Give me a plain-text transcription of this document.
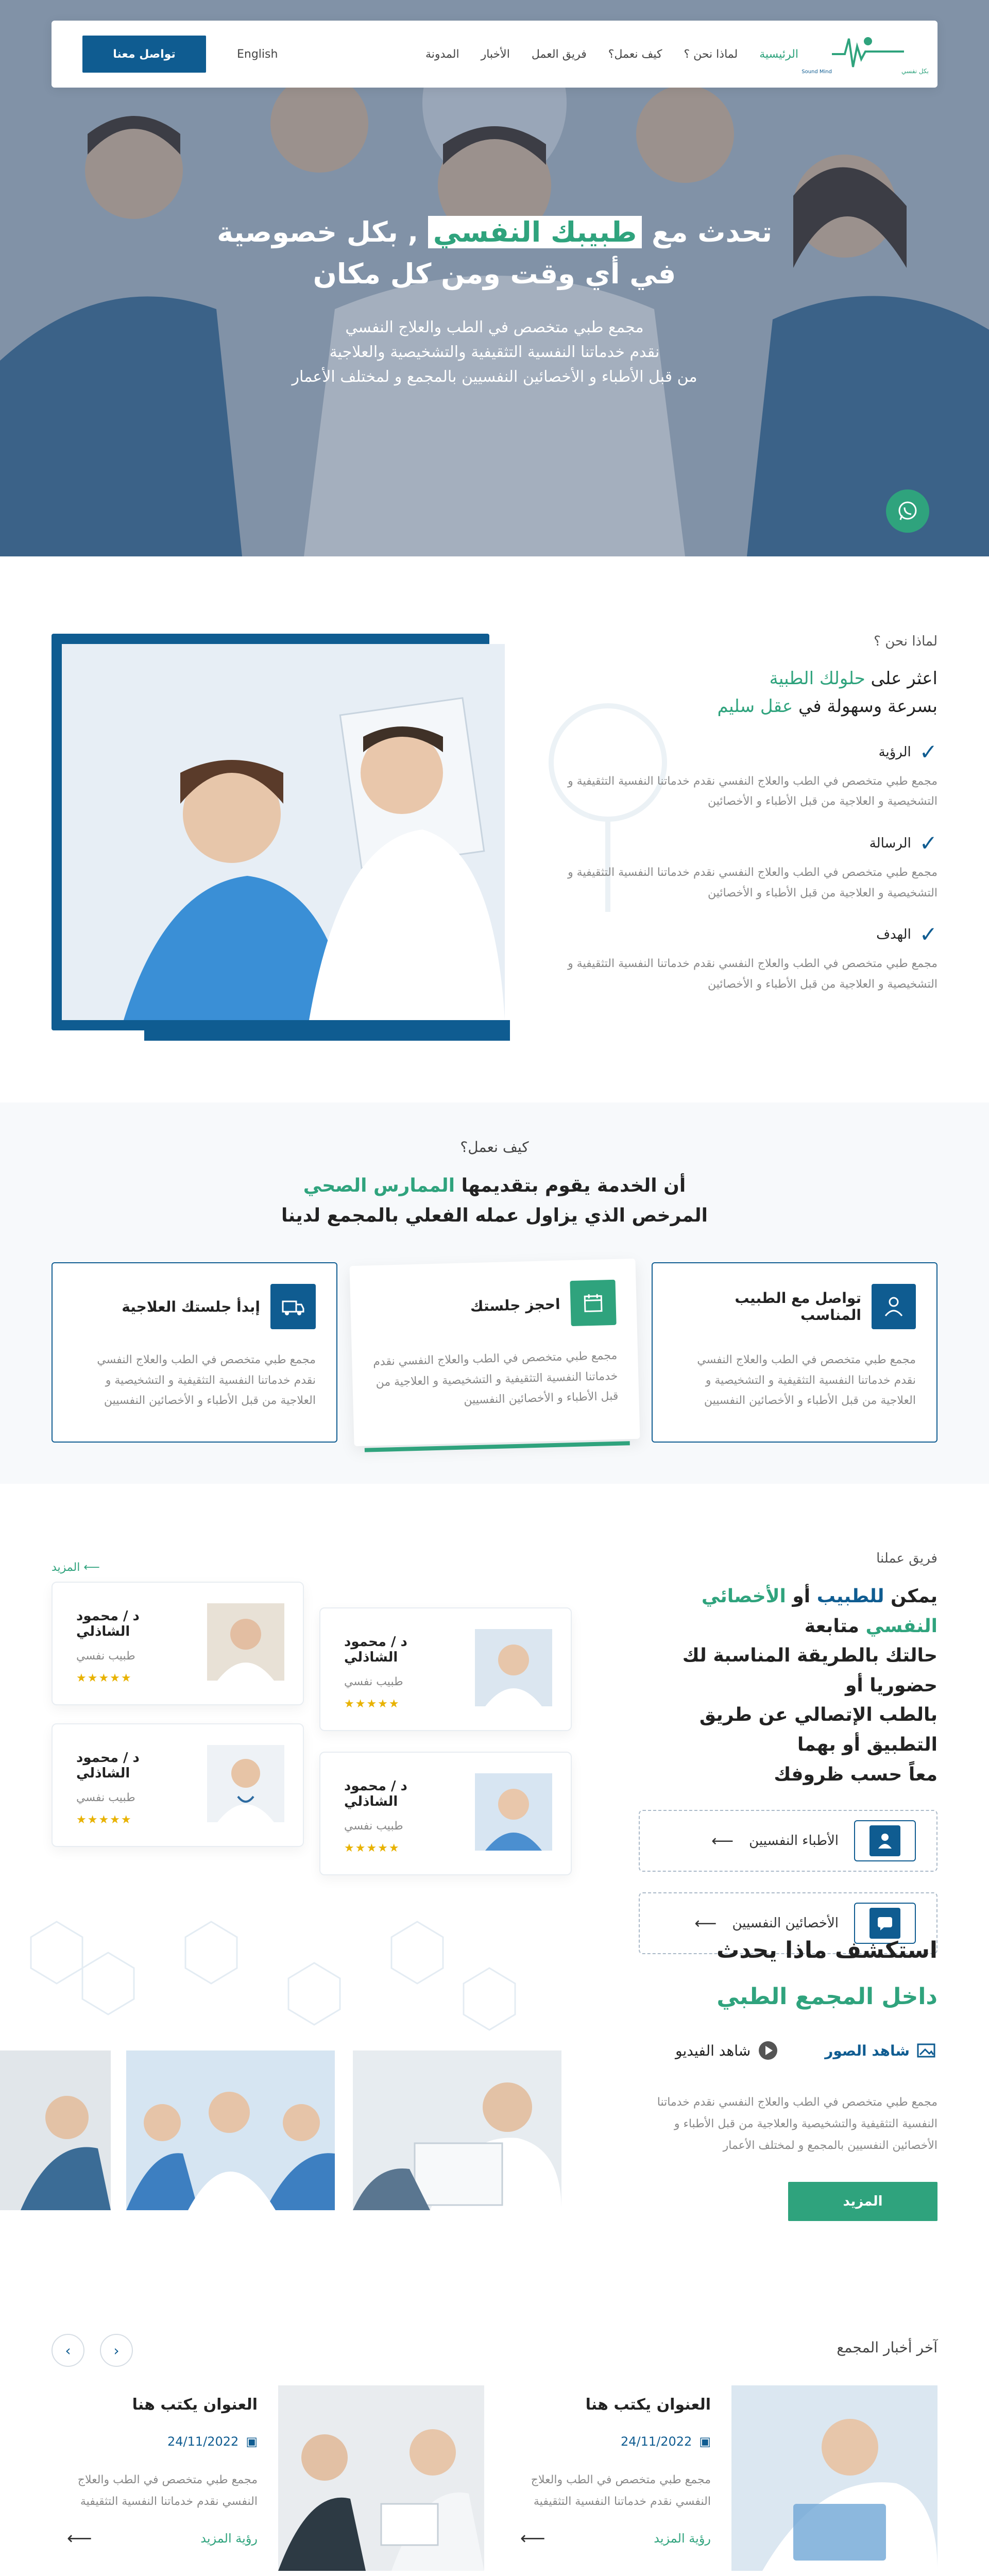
بكل نفسي
Sound Mind
الرئيسية
لماذا نحن ؟
كيف نعمل؟
فريق العمل
الأخبار
المدونة
English
تواصل معنا
تحدث مع طبيبك النفسي , بكل خصوصية
في أي وقت ومن كل مكان
مجمع طبي متخصص في الطب والعلاج النفسي
نقدم خدماتنا النفسية التثقيفية والتشخيصية والعلاجية
من قبل الأطباء و الأخصائين النفسيين بالمجمع و لمختلف الأعمار
لماذا نحن ؟
اعثر على حلولك الطبية
بسرعة وسهولة في عقل سليم
✓
الرؤية
مجمع طبي متخصص في الطب والعلاج النفسي نقدم خدماتنا النفسية التثقيفية و التشخيصية و العلاجية من قبل الأطباء و الأخصائين
✓
الرسالة
مجمع طبي متخصص في الطب والعلاج النفسي نقدم خدماتنا النفسية التثقيفية و التشخيصية و العلاجية من قبل الأطباء و الأخصائين
✓
الهدف
مجمع طبي متخصص في الطب والعلاج النفسي نقدم خدماتنا النفسية التثقيفية و التشخيصية و العلاجية من قبل الأطباء و الأخصائين
كيف نعمل؟
أن الخدمة يقوم بتقديمها الممارس الصحي
المرخص الذي يزاول عمله الفعلي بالمجمع لدينا
تواصل مع الطبيب المناسب
مجمع طبي متخصص في الطب والعلاج النفسي نقدم خدماتنا النفسية التثقيفية و التشخيصية و العلاجية من قبل الأطباء و الأخصائين النفسيين
احجز جلستك
مجمع طبي متخصص في الطب والعلاج النفسي نقدم خدماتنا النفسية التثقيفية و التشخيصية و العلاجية من قبل الأطباء و الأخصائين النفسيين
إبدأ جلستك العلاجية
مجمع طبي متخصص في الطب والعلاج النفسي نقدم خدماتنا النفسية التثقيفية و التشخيصية و العلاجية من قبل الأطباء و الأخصائين النفسيين
فريق عملنا
يمكن للطبيب أو الأخصائي النفسي متابعة
حالتك بالطريقة المناسبة لك حضوريا أو
بالطب الإتصالي عن طريق التطبيق أو بهما
معاً حسب ظروفك
الأطباء النفسيين
⟵
الأخصائين النفسيين
⟵
⟵ المزيد
د / محمود الشاذلي
طبيب نفسي
★★★★★
د / محمود الشاذلي
طبيب نفسي
★★★★★
د / محمود الشاذلي
طبيب نفسي
★★★★★
د / محمود الشاذلي
طبيب نفسي
★★★★★
استكشف ماذا يحدث
داخل المجمع الطبي
شاهد الصور
شاهد الفيديو
مجمع طبي متخصص في الطب والعلاج النفسي نقدم خدماتنا النفسية التثقيفية والتشخيصية والعلاجية من قبل الأطباء و الأخصائين النفسيين بالمجمع و لمختلف الأعمار
المزيد
آخر أخبار المجمع
‹
›
العنوان يكتب هنا
▣
24/11/2022
مجمع طبي متخصص في الطب والعلاج النفسي نقدم خدماتنا النفسية التثقيفية
رؤية المزيد
⟵
العنوان يكتب هنا
▣
24/11/2022
مجمع طبي متخصص في الطب والعلاج النفسي نقدم خدماتنا النفسية التثقيفية
رؤية المزيد
⟵
